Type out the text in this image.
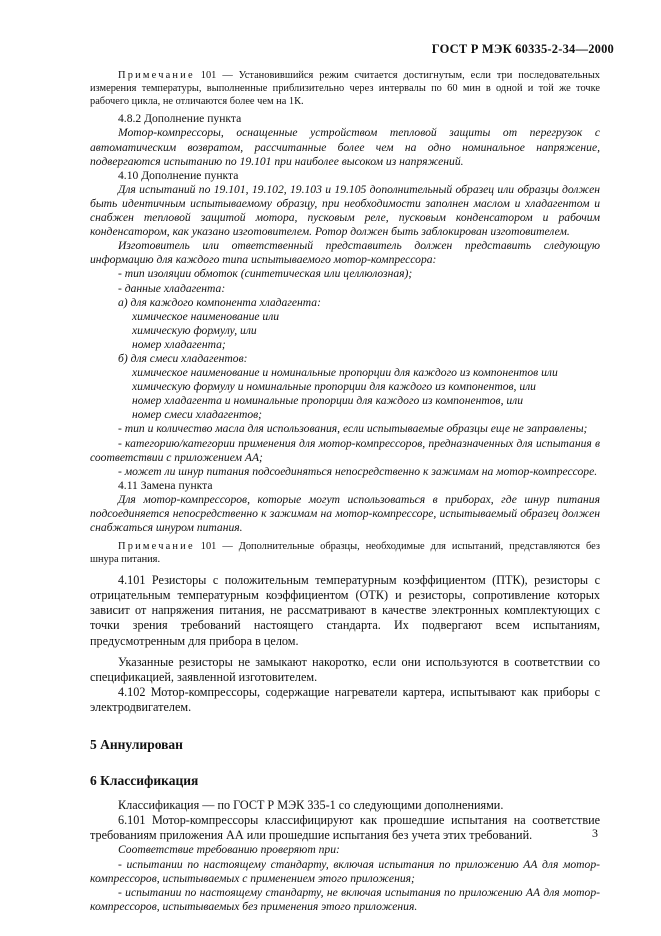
ГОСТ Р МЭК 60335-2-34—2000

Примечание 101 — Установившийся режим считается достигнутым, если три последовательных измерения температуры, выполненные приблизительно через интервалы по 60 мин в одной и той же точке рабочего цикла, не отличаются более чем на 1К.

4.8.2 Дополнение пункта

Мотор-компрессоры, оснащенные устройством тепловой защиты от перегрузок с автоматическим возвратом, рассчитанные более чем на одно номинальное напряжение, подвергаются испытанию по 19.101 при наиболее высоком из напряжений.

4.10 Дополнение пункта

Для испытаний по 19.101, 19.102, 19.103 и 19.105 дополнительный образец или образцы должен быть идентичным испытываемому образцу, при необходимости заполнен маслом и хладагентом и снабжен тепловой защитой мотора, пусковым реле, пусковым конденсатором и рабочим конденсатором, как указано изготовителем. Ротор должен быть заблокирован изготовителем.

Изготовитель или ответственный представитель должен представить следующую информацию для каждого типа испытываемого мотор-компрессора:

- тип изоляции обмоток (синтетическая или целлюлозная);

- данные хладагента:

а) для каждого компонента хладагента:

химическое наименование или

химическую формулу, или

номер хладагента;

б) для смеси хладагентов:

химическое наименование и номинальные пропорции для каждого из компонентов или

химическую формулу и номинальные пропорции для каждого из компонентов, или

номер хладагента и номинальные пропорции для каждого из компонентов, или

номер смеси хладагентов;

- тип и количество масла для использования, если испытываемые образцы еще не заправлены;

- категорию/категории применения для мотор-компрессоров, предназначенных для испытания в соответствии с приложением АА;

- может ли шнур питания подсоединяться непосредственно к зажимам на мотор-компрессоре.

4.11 Замена пункта

Для мотор-компрессоров, которые могут использоваться в приборах, где шнур питания подсоединяется непосредственно к зажимам на мотор-компрессоре, испытываемый образец должен снабжаться шнуром питания.

Примечание 101 — Дополнительные образцы, необходимые для испытаний, представляются без шнура питания.

4.101 Резисторы с положительным температурным коэффициентом (ПТК), резисторы с отрицательным температурным коэффициентом (ОТК) и резисторы, сопротивление которых зависит от напряжения питания, не рассматривают в качестве электронных комплектующих с точки зрения требований настоящего стандарта. Их подвергают всем испытаниям, предусмотренным для прибора в целом.

Указанные резисторы не замыкают накоротко, если они используются в соответствии со спецификацией, заявленной изготовителем.

4.102 Мотор-компрессоры, содержащие нагреватели картера, испытывают как приборы с электродвигателем.

5 Аннулирован

6 Классификация

Классификация — по ГОСТ Р МЭК 335-1 со следующими дополнениями.

6.101 Мотор-компрессоры классифицируют как прошедшие испытания на соответствие требованиям приложения АА или прошедшие испытания без учета этих требований.

Соответствие требованию проверяют при:

- испытании по настоящему стандарту, включая испытания по приложению АА для мотор-компрессоров, испытываемых с применением этого приложения;

- испытании по настоящему стандарту, не включая испытания по приложению АА для мотор-компрессоров, испытываемых без применения этого приложения.

3
